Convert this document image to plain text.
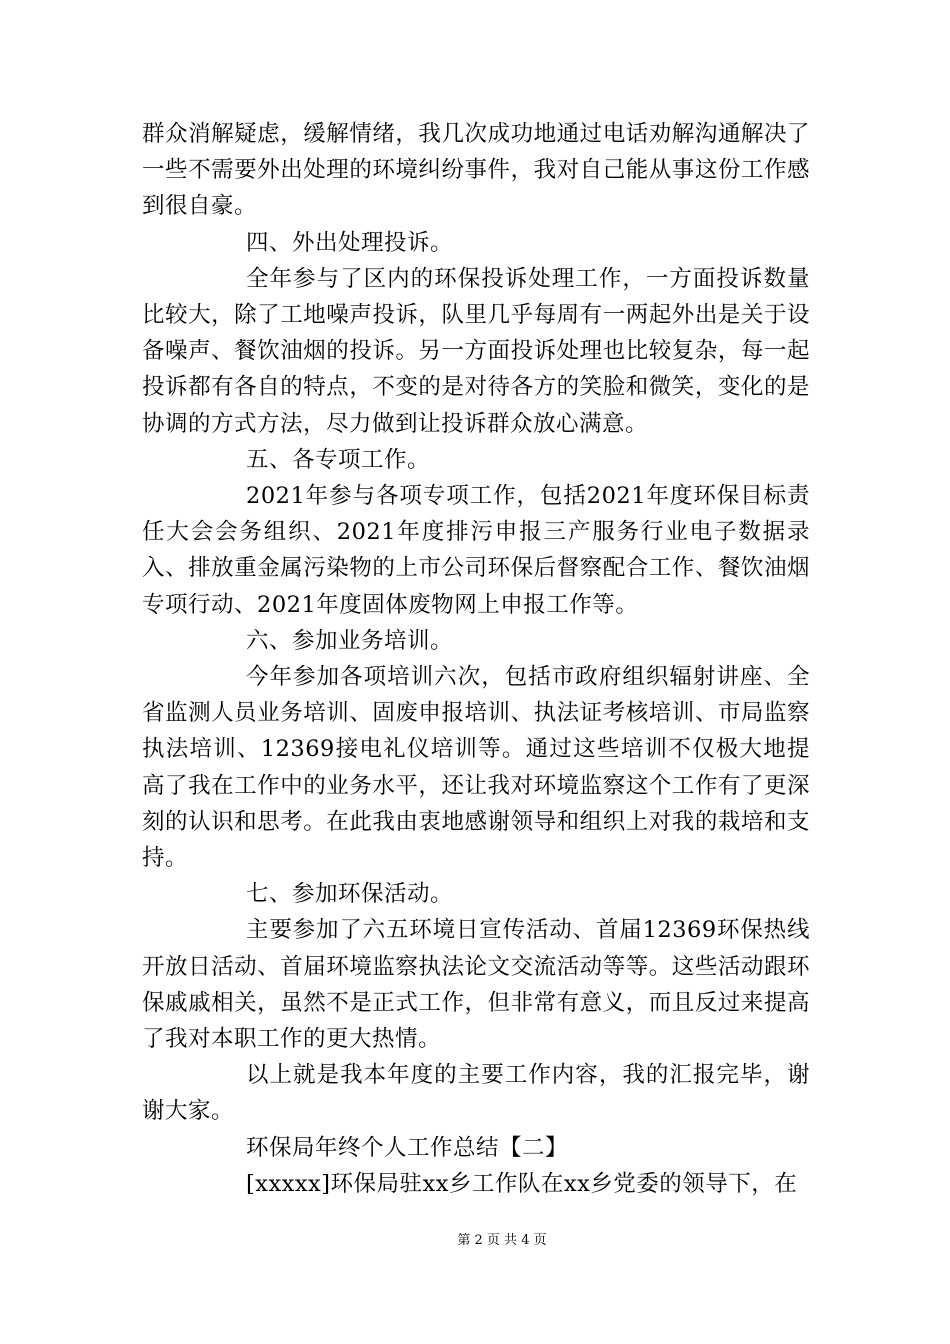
群众消解疑虑，缓解情绪，我几次成功地通过电话劝解沟通解决了一些不需要外出处理的环境纠纷事件，我对自己能从事这份工作感到很自豪。

四、外出处理投诉。

全年参与了区内的环保投诉处理工作，一方面投诉数量比较大，除了工地噪声投诉，队里几乎每周有一两起外出是关于设备噪声、餐饮油烟的投诉。另一方面投诉处理也比较复杂，每一起投诉都有各自的特点，不变的是对待各方的笑脸和微笑，变化的是协调的方式方法，尽力做到让投诉群众放心满意。

五、各专项工作。

2021年参与各项专项工作，包括2021年度环保目标责任大会会务组织、2021年度排污申报三产服务行业电子数据录入、排放重金属污染物的上市公司环保后督察配合工作、餐饮油烟专项行动、2021年度固体废物网上申报工作等。

六、参加业务培训。

今年参加各项培训六次，包括市政府组织辐射讲座、全省监测人员业务培训、固废申报培训、执法证考核培训、市局监察执法培训、12369接电礼仪培训等。通过这些培训不仅极大地提高了我在工作中的业务水平，还让我对环境监察这个工作有了更深刻的认识和思考。在此我由衷地感谢领导和组织上对我的栽培和支持。

七、参加环保活动。

主要参加了六五环境日宣传活动、首届12369环保热线开放日活动、首届环境监察执法论文交流活动等等。这些活动跟环保戚戚相关，虽然不是正式工作，但非常有意义，而且反过来提高了我对本职工作的更大热情。

以上就是我本年度的主要工作内容，我的汇报完毕，谢谢大家。

环保局年终个人工作总结【二】

[xxxxx]环保局驻xx乡工作队在xx乡党委的领导下，在

第 2 页 共 4 页
